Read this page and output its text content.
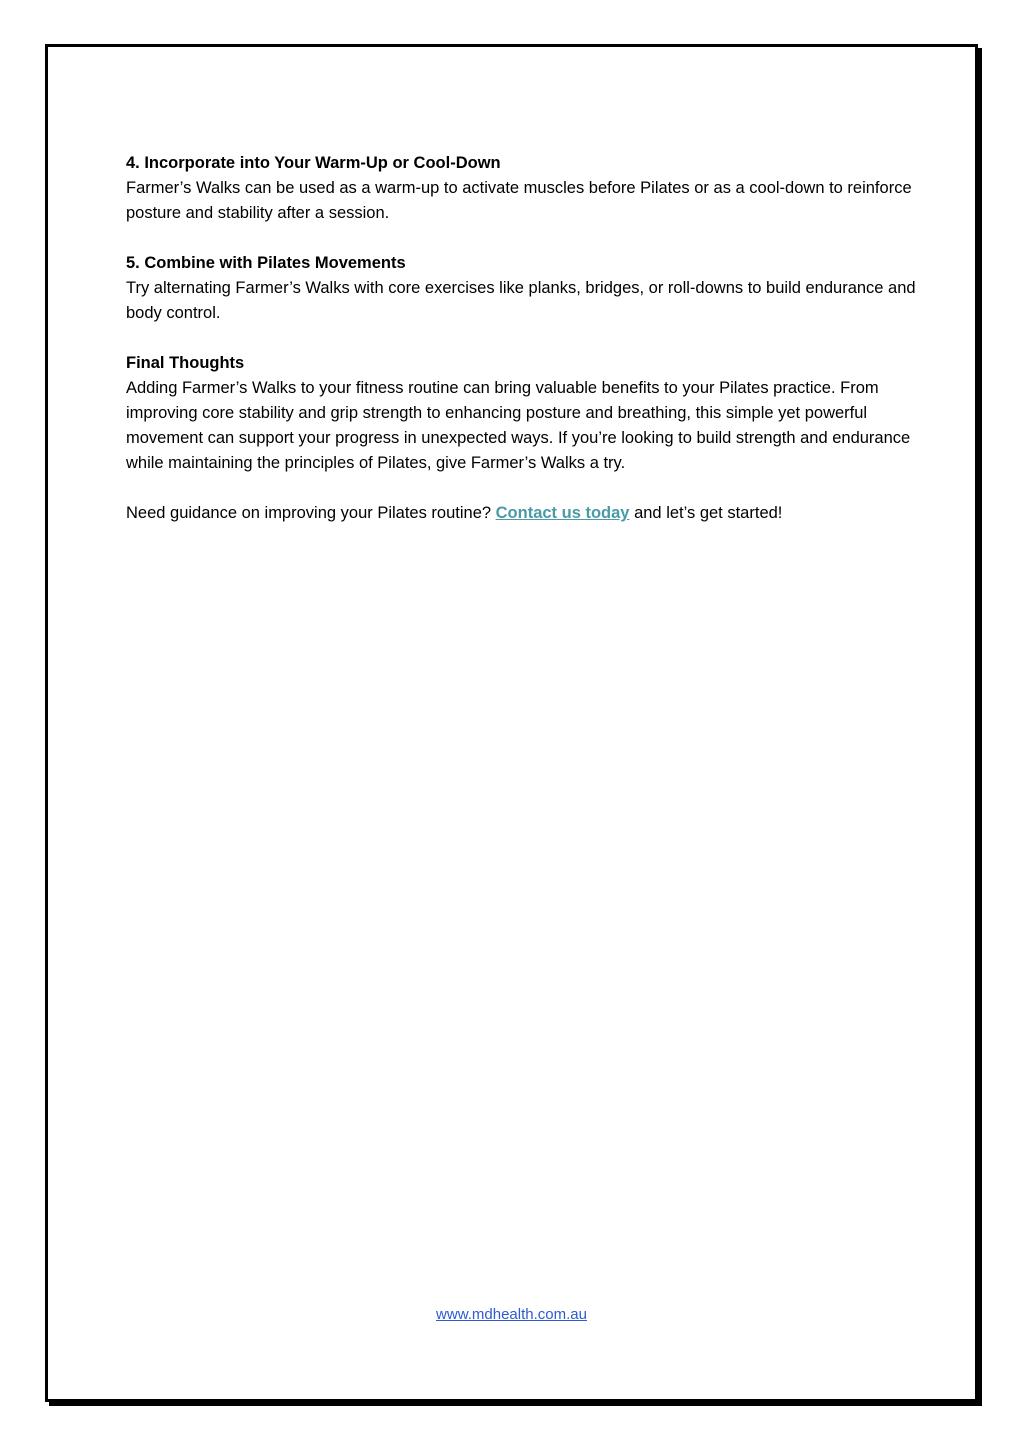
4. Incorporate into Your Warm-Up or Cool-Down
Farmer’s Walks can be used as a warm-up to activate muscles before Pilates or as a cool-down to reinforce posture and stability after a session.
5. Combine with Pilates Movements
Try alternating Farmer’s Walks with core exercises like planks, bridges, or roll-downs to build endurance and body control.
Final Thoughts
Adding Farmer’s Walks to your fitness routine can bring valuable benefits to your Pilates practice. From improving core stability and grip strength to enhancing posture and breathing, this simple yet powerful movement can support your progress in unexpected ways. If you’re looking to build strength and endurance while maintaining the principles of Pilates, give Farmer’s Walks a try.
Need guidance on improving your Pilates routine? Contact us today and let’s get started!
www.mdhealth.com.au
